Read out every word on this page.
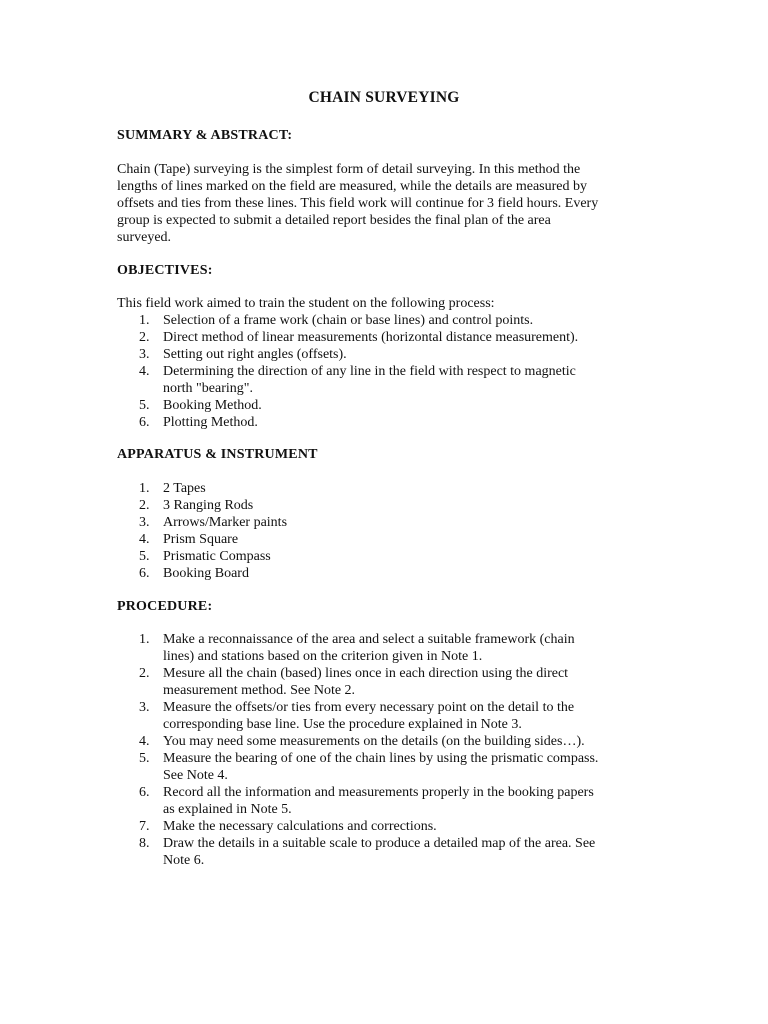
CHAIN SURVEYING
SUMMARY & ABSTRACT:
Chain (Tape) surveying is the simplest form of detail surveying. In this method the
lengths of lines marked on the field are measured, while the details are measured by
offsets and ties from these lines. This field work will continue for 3 field hours. Every
group is expected to submit a detailed report besides the final plan of the area
surveyed.
OBJECTIVES:
This field work aimed to train the student on the following process:
1. Selection of a frame work (chain or base lines) and control points.
2. Direct method of linear measurements (horizontal distance measurement).
3. Setting out right angles (offsets).
4. Determining the direction of any line in the field with respect to magnetic
north "bearing".
5. Booking Method.
6. Plotting Method.
APPARATUS & INSTRUMENT
1. 2 Tapes
2. 3 Ranging Rods
3. Arrows/Marker paints
4. Prism Square
5. Prismatic Compass
6. Booking Board
PROCEDURE:
1. Make a reconnaissance of the area and select a suitable framework (chain
lines) and stations based on the criterion given in Note 1.
2. Mesure all the chain (based) lines once in each direction using the direct
measurement method. See Note 2.
3. Measure the offsets/or ties from every necessary point on the detail to the
corresponding base line. Use the procedure explained in Note 3.
4. You may need some measurements on the details (on the building sides…).
5. Measure the bearing of one of the chain lines by using the prismatic compass.
See Note 4.
6. Record all the information and measurements properly in the booking papers
as explained in Note 5.
7. Make the necessary calculations and corrections.
8. Draw the details in a suitable scale to produce a detailed map of the area. See
Note 6.
